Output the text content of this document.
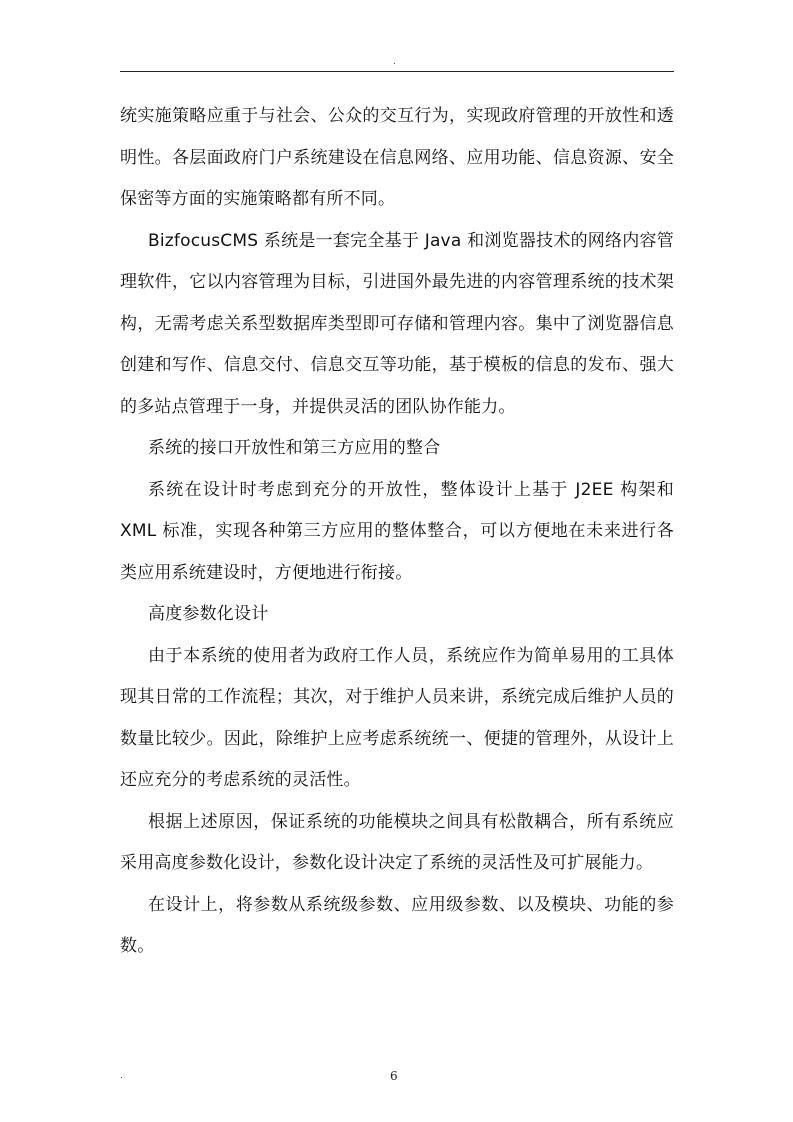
.

统实施策略应重于与社会、公众的交互行为，实现政府管理的开放性和透明性。各层面政府门户系统建设在信息网络、应用功能、信息资源、安全保密等方面的实施策略都有所不同。

BizfocusCMS 系统是一套完全基于 Java 和浏览器技术的网络内容管理软件，它以内容管理为目标，引进国外最先进的内容管理系统的技术架构，无需考虑关系型数据库类型即可存储和管理内容。集中了浏览器信息创建和写作、信息交付、信息交互等功能，基于模板的信息的发布、强大的多站点管理于一身，并提供灵活的团队协作能力。

系统的接口开放性和第三方应用的整合

系统在设计时考虑到充分的开放性，整体设计上基于 J2EE 构架和 XML 标准，实现各种第三方应用的整体整合，可以方便地在未来进行各类应用系统建设时，方便地进行衔接。

高度参数化设计

由于本系统的使用者为政府工作人员，系统应作为简单易用的工具体现其日常的工作流程；其次，对于维护人员来讲，系统完成后维护人员的数量比较少。因此，除维护上应考虑系统统一、便捷的管理外，从设计上还应充分的考虑系统的灵活性。

根据上述原因，保证系统的功能模块之间具有松散耦合，所有系统应采用高度参数化设计，参数化设计决定了系统的灵活性及可扩展能力。

在设计上，将参数从系统级参数、应用级参数、以及模块、功能的参数。

.	6
